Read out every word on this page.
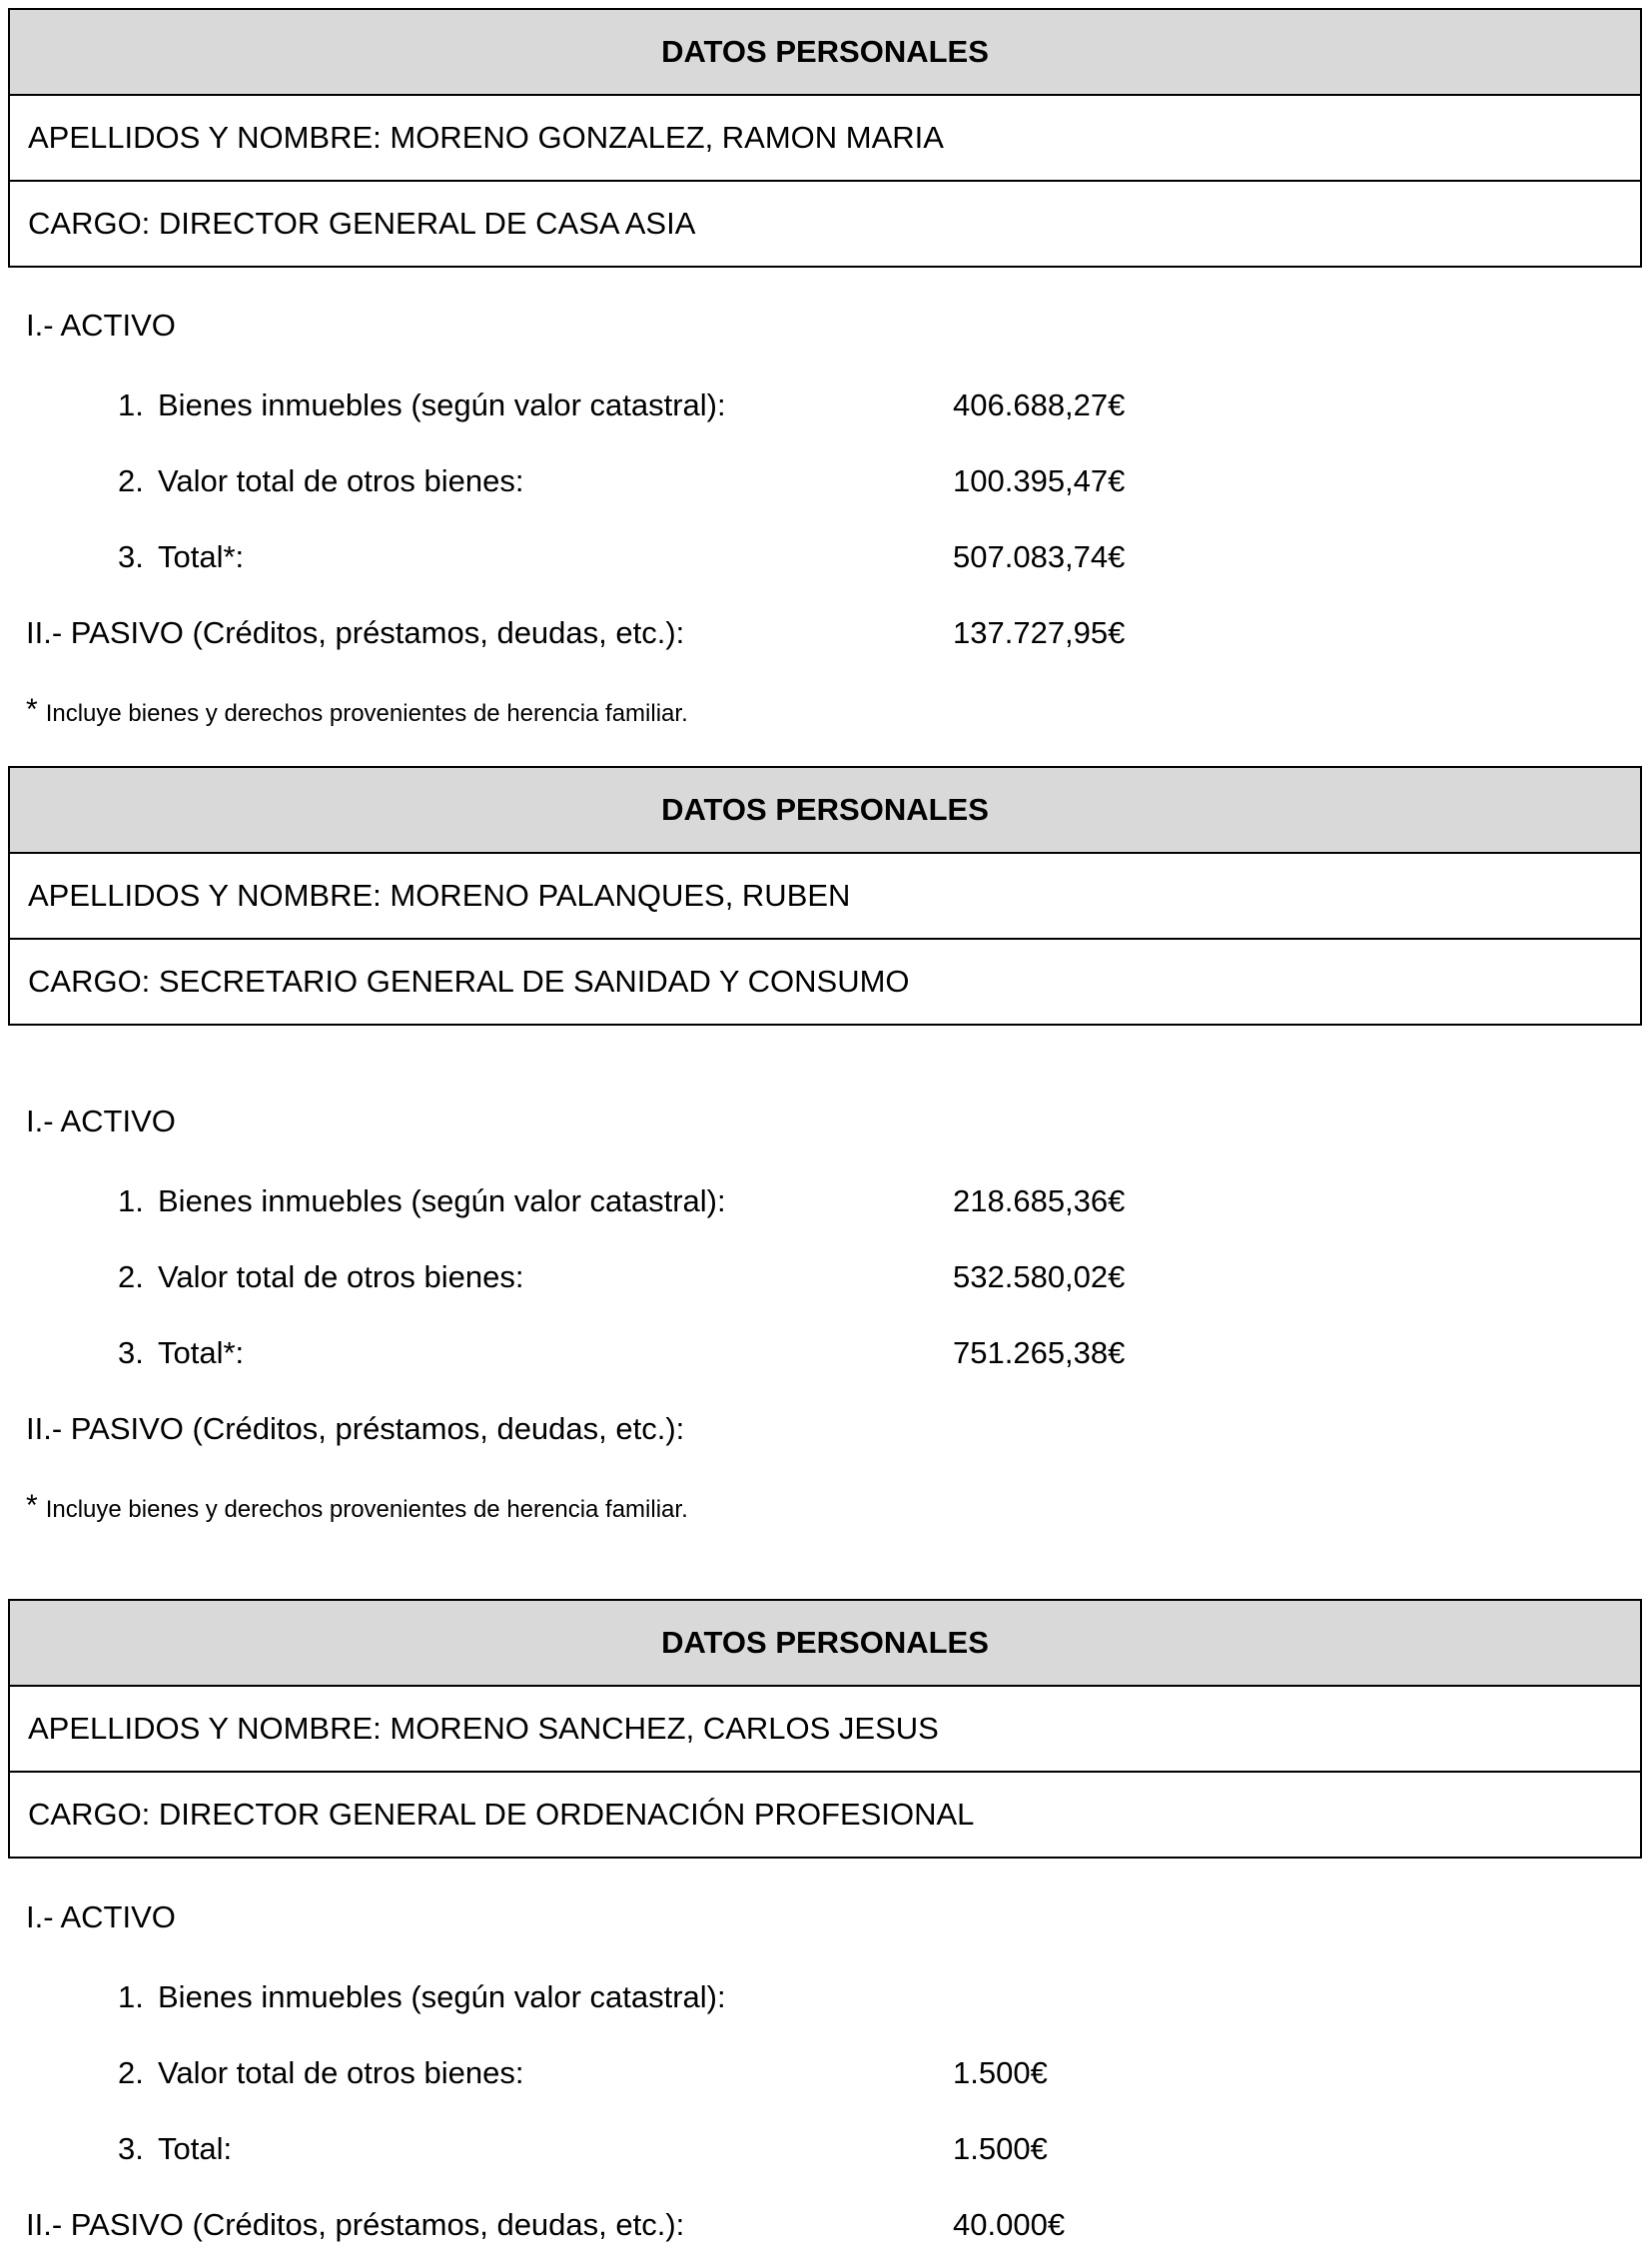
DATOS PERSONALES
APELLIDOS Y NOMBRE: MORENO GONZALEZ, RAMON MARIA
CARGO: DIRECTOR GENERAL DE CASA ASIA
I.- ACTIVO
1. Bienes inmuebles (según valor catastral):	406.688,27€
2. Valor total de otros bienes:	100.395,47€
3. Total*:	507.083,74€
II.- PASIVO (Créditos, préstamos, deudas, etc.):	137.727,95€
* Incluye bienes y derechos provenientes de herencia familiar.
DATOS PERSONALES
APELLIDOS Y NOMBRE: MORENO PALANQUES, RUBEN
CARGO: SECRETARIO GENERAL DE SANIDAD Y CONSUMO
I.- ACTIVO
1. Bienes inmuebles (según valor catastral):	218.685,36€
2. Valor total de otros bienes:	532.580,02€
3. Total*:	751.265,38€
II.- PASIVO (Créditos, préstamos, deudas, etc.):
* Incluye bienes y derechos provenientes de herencia familiar.
DATOS PERSONALES
APELLIDOS Y NOMBRE: MORENO SANCHEZ, CARLOS JESUS
CARGO: DIRECTOR GENERAL DE ORDENACIÓN PROFESIONAL
I.- ACTIVO
1. Bienes inmuebles (según valor catastral):
2. Valor total de otros bienes:	1.500€
3. Total:	1.500€
II.- PASIVO (Créditos, préstamos, deudas, etc.):	40.000€
